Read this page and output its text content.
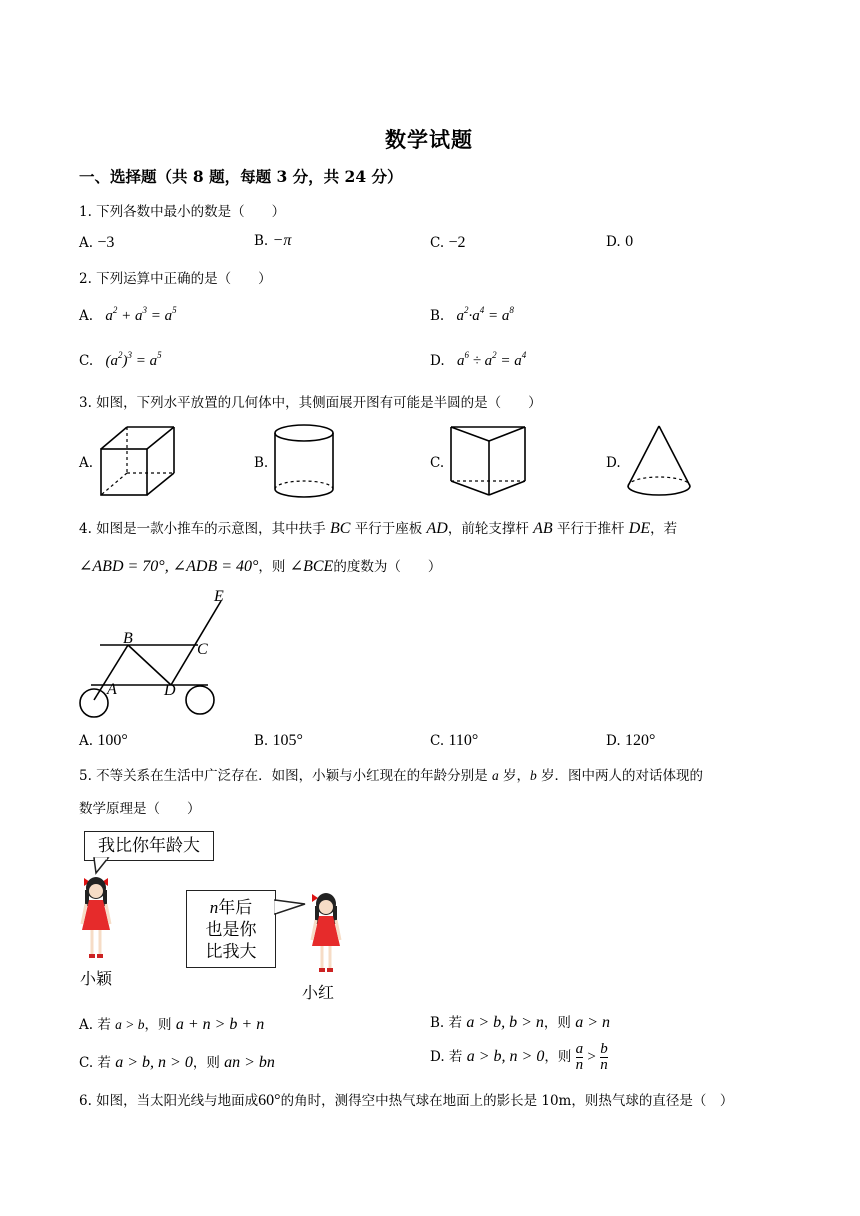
数学试题
一、选择题（共 8 题，每题 3 分，共 24 分）
1. 下列各数中最小的数是（　　）
A. −3	B. −π	C. −2	D. 0
2. 下列运算中正确的是（　　）
A. $a^2 + a^3 = a^5$	B. $a^2\cdot a^4 = a^8$
C. $(a^2)^3 = a^5$	D. $a^6 \div a^2 = a^4$
3. 如图，下列水平放置的几何体中，其侧面展开图有可能是半圆的是（　　）
A.	B.	C.	D.
4. 如图是一款小推车的示意图，其中扶手 BC 平行于座板 AD，前轮支撑杆 AB 平行于推杆 DE，若
∠ABD = 70°, ∠ADB = 40°，则 ∠BCE的度数为（　　）
E
B
C
A	D
A. 100°	B. 105°	C. 110°	D. 120°
5. 不等关系在生活中广泛存在．如图，小颖与小红现在的年龄分别是 a 岁，b 岁．图中两人的对话体现的
数学原理是（　　）
我比你年龄大
n年后
也是你
比我大
小颖
小红
A. 若 a > b，则 a + n > b + n	B. 若 a > b, b > n，则 a > n
C. 若 a > b, n > 0，则 an > bn	D. 若 a > b, n > 0，则 $\frac{a}{n} > \frac{b}{n}$
6. 如图，当太阳光线与地面成60°的角时，测得空中热气球在地面上的影长是 10m，则热气球的直径是（　）
